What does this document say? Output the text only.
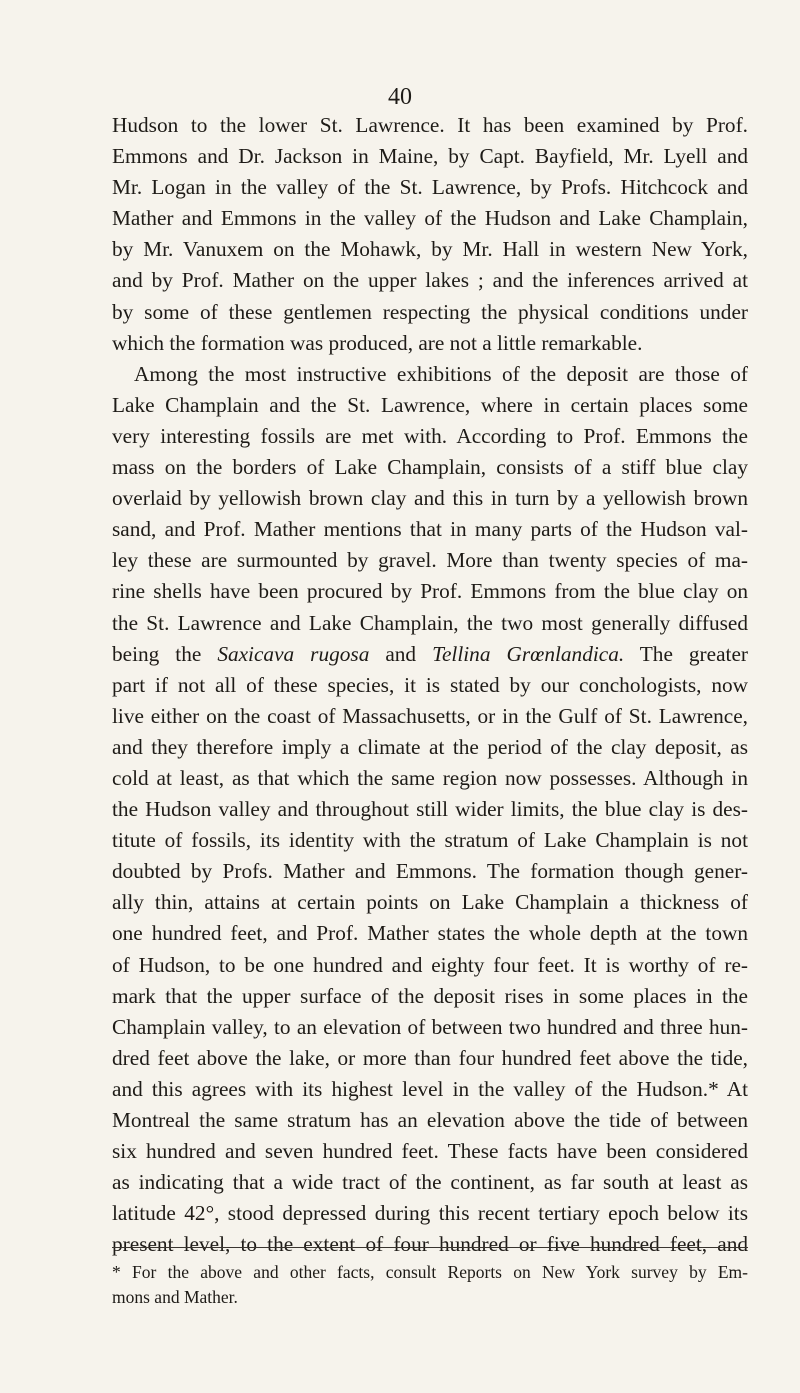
40
Hudson to the lower St. Lawrence. It has been examined by Prof.
Emmons and Dr. Jackson in Maine, by Capt. Bayfield, Mr. Lyell and
Mr. Logan in the valley of the St. Lawrence, by Profs. Hitchcock and
Mather and Emmons in the valley of the Hudson and Lake Champlain,
by Mr. Vanuxem on the Mohawk, by Mr. Hall in western New York,
and by Prof. Mather on the upper lakes ; and the inferences arrived at
by some of these gentlemen respecting the physical conditions under
which the formation was produced, are not a little remarkable.
Among the most instructive exhibitions of the deposit are those of
Lake Champlain and the St. Lawrence, where in certain places some
very interesting fossils are met with. According to Prof. Emmons the
mass on the borders of Lake Champlain, consists of a stiff blue clay
overlaid by yellowish brown clay and this in turn by a yellowish brown
sand, and Prof. Mather mentions that in many parts of the Hudson val-
ley these are surmounted by gravel. More than twenty species of ma-
rine shells have been procured by Prof. Emmons from the blue clay on
the St. Lawrence and Lake Champlain, the two most generally diffused
being the Saxicava rugosa and Tellina Grœnlandica. The greater
part if not all of these species, it is stated by our conchologists, now
live either on the coast of Massachusetts, or in the Gulf of St. Lawrence,
and they therefore imply a climate at the period of the clay deposit, as
cold at least, as that which the same region now possesses. Although in
the Hudson valley and throughout still wider limits, the blue clay is des-
titute of fossils, its identity with the stratum of Lake Champlain is not
doubted by Profs. Mather and Emmons. The formation though gener-
ally thin, attains at certain points on Lake Champlain a thickness of
one hundred feet, and Prof. Mather states the whole depth at the town
of Hudson, to be one hundred and eighty four feet. It is worthy of re-
mark that the upper surface of the deposit rises in some places in the
Champlain valley, to an elevation of between two hundred and three hun-
dred feet above the lake, or more than four hundred feet above the tide,
and this agrees with its highest level in the valley of the Hudson.* At
Montreal the same stratum has an elevation above the tide of between
six hundred and seven hundred feet. These facts have been considered
as indicating that a wide tract of the continent, as far south at least as
latitude 42°, stood depressed during this recent tertiary epoch below its
present level, to the extent of four hundred or five hundred feet, and
* For the above and other facts, consult Reports on New York survey by Em-
mons and Mather.
